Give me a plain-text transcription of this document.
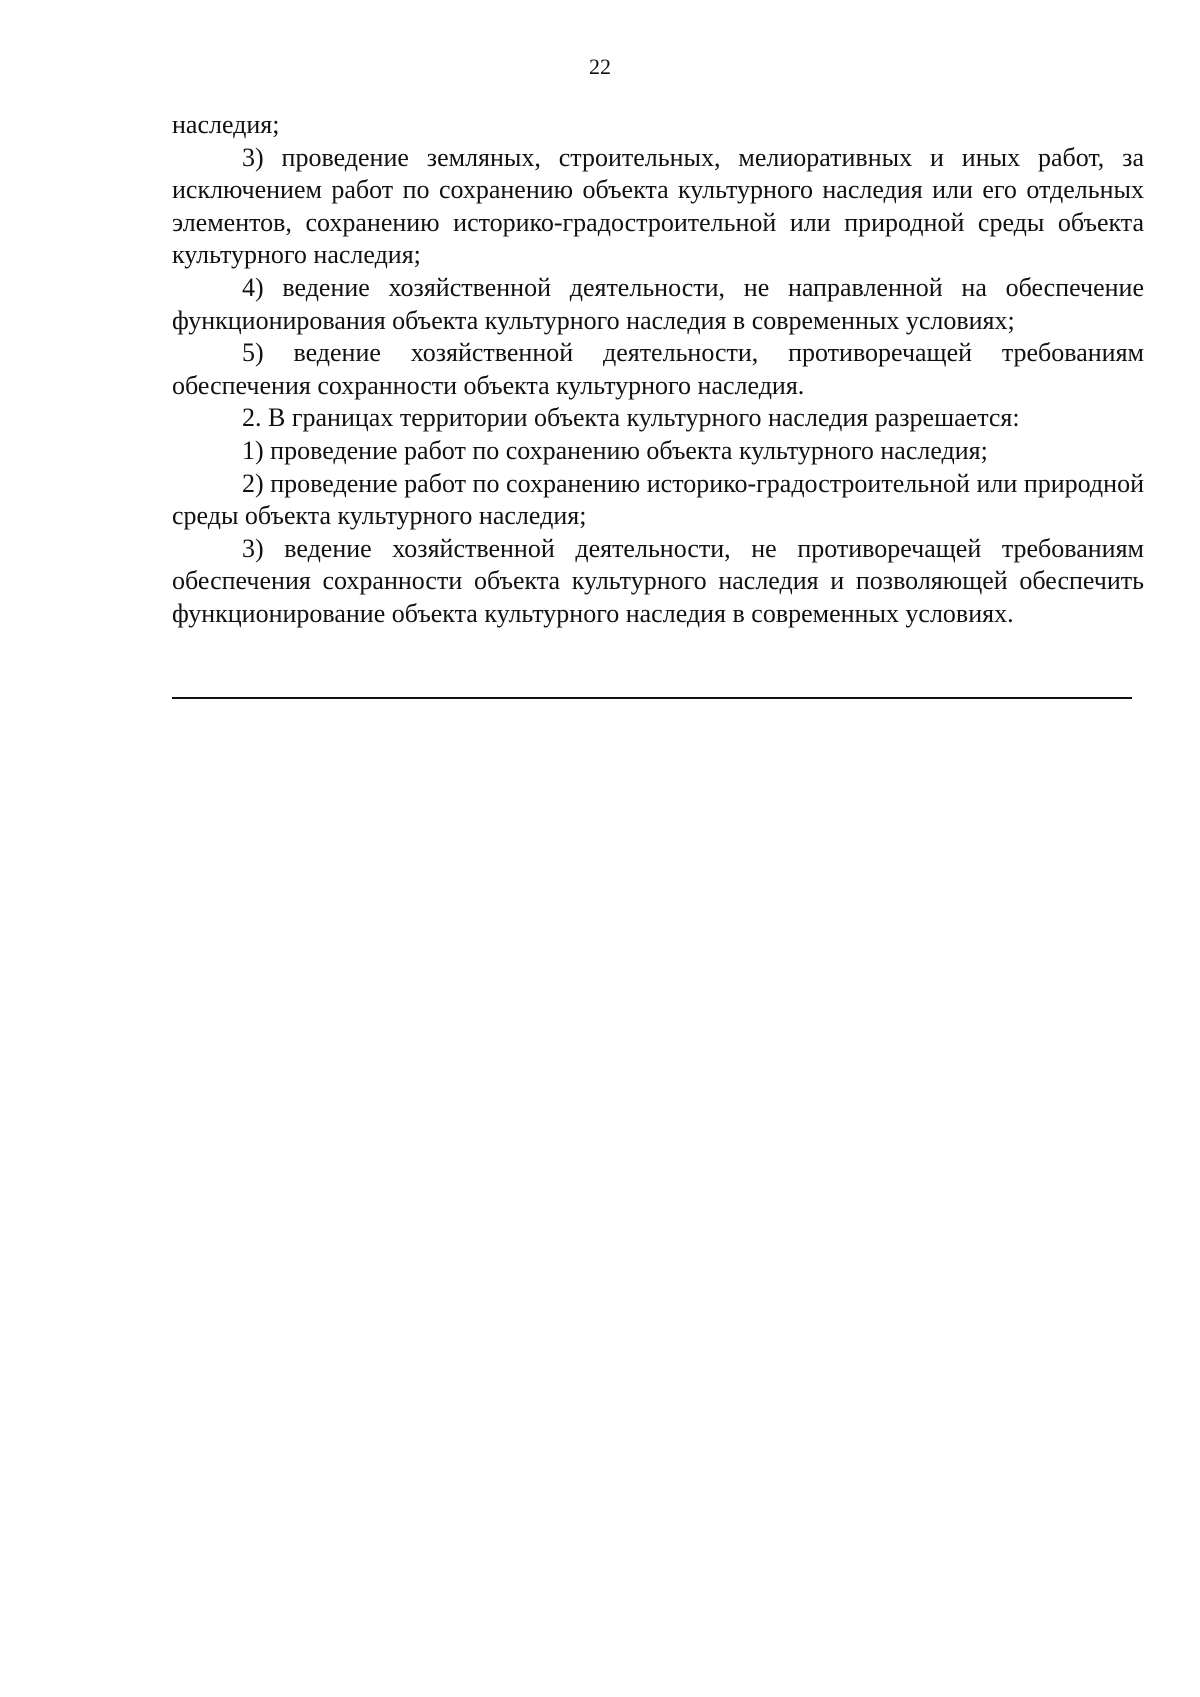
22

наследия;

3) проведение земляных, строительных, мелиоративных и иных работ, за исключением работ по сохранению объекта культурного наследия или его отдельных элементов, сохранению историко-градостроительной или природной среды объекта культурного наследия;

4) ведение хозяйственной деятельности, не направленной на обеспечение функционирования объекта культурного наследия в современных условиях;

5) ведение хозяйственной деятельности, противоречащей требованиям обеспечения сохранности объекта культурного наследия.

2. В границах территории объекта культурного наследия разрешается:

1) проведение работ по сохранению объекта культурного наследия;

2) проведение работ по сохранению историко-градостроительной или природной среды объекта культурного наследия;

3) ведение хозяйственной деятельности, не противоречащей требованиям обеспечения сохранности объекта культурного наследия и позволяющей обеспечить функционирование объекта культурного наследия в современных условиях.
